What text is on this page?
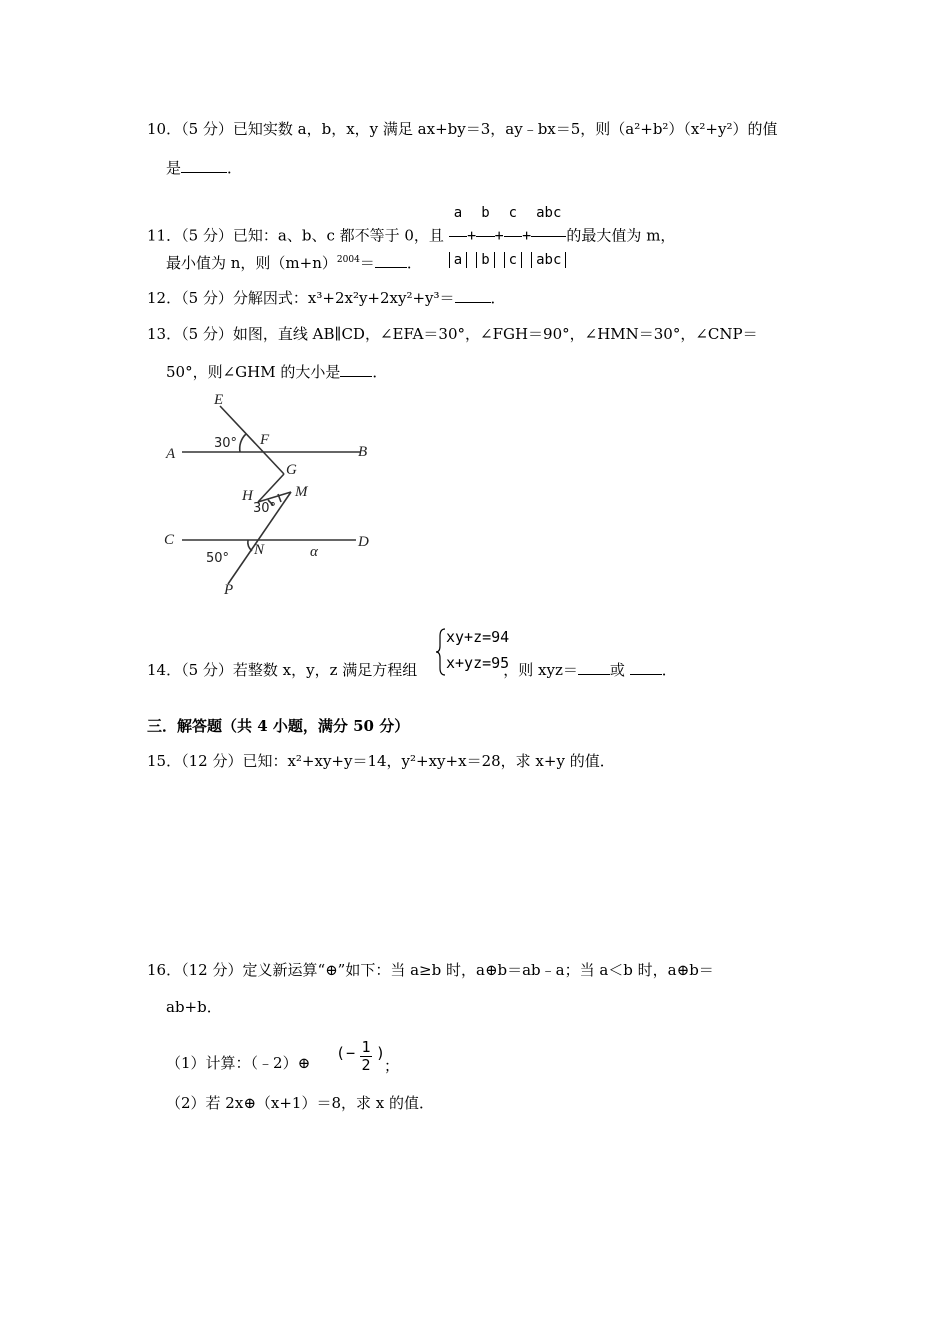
10．（5 分）已知实数 a，b，x，y 满足 ax+by＝3，ay﹣bx＝5，则（a²+b²）（x²+y²）的值
是	．
11．（5 分）已知：a、b、c 都不等于 0，且 $\frac{a}{a} + \frac{b}{b} + \frac{c}{c} + \frac{\text{abc}}{\text{abc}}$ 的最大值为 m，
最小值为 n，则$(m+n)^{2004}=$ ．
12．（5 分）分解因式：x³+2x²y+2xy²+y³＝ ．
13．（5 分）如图，直线 AB∥CD，∠EFA＝30°，∠FGH＝90°，∠HMN＝30°，∠CNP＝
50°，则∠GHM 的大小是 ．
E
F
A	B
G
H	M
C	D
N
P
α
30°
30°
50°
14．（5 分）若整数 x，y，z 满足方程组	，则 xyz＝ 或 ．
xy+z=94
x+yz=95
三．解答题（共 4 小题，满分 50 分）
15．（12 分）已知：x²+xy+y＝14，y²+xy+x＝28，求 x+y 的值．
16．（12 分）定义新运算“⊕”如下：当 a≥b 时，a⊕b＝ab﹣a；当 a＜b 时，a⊕b＝
ab+b．
（1）计算：（﹣2）⊕
( − 1
2
)
；
（2）若 2x⊕（x+1）＝8，求 x 的值．
